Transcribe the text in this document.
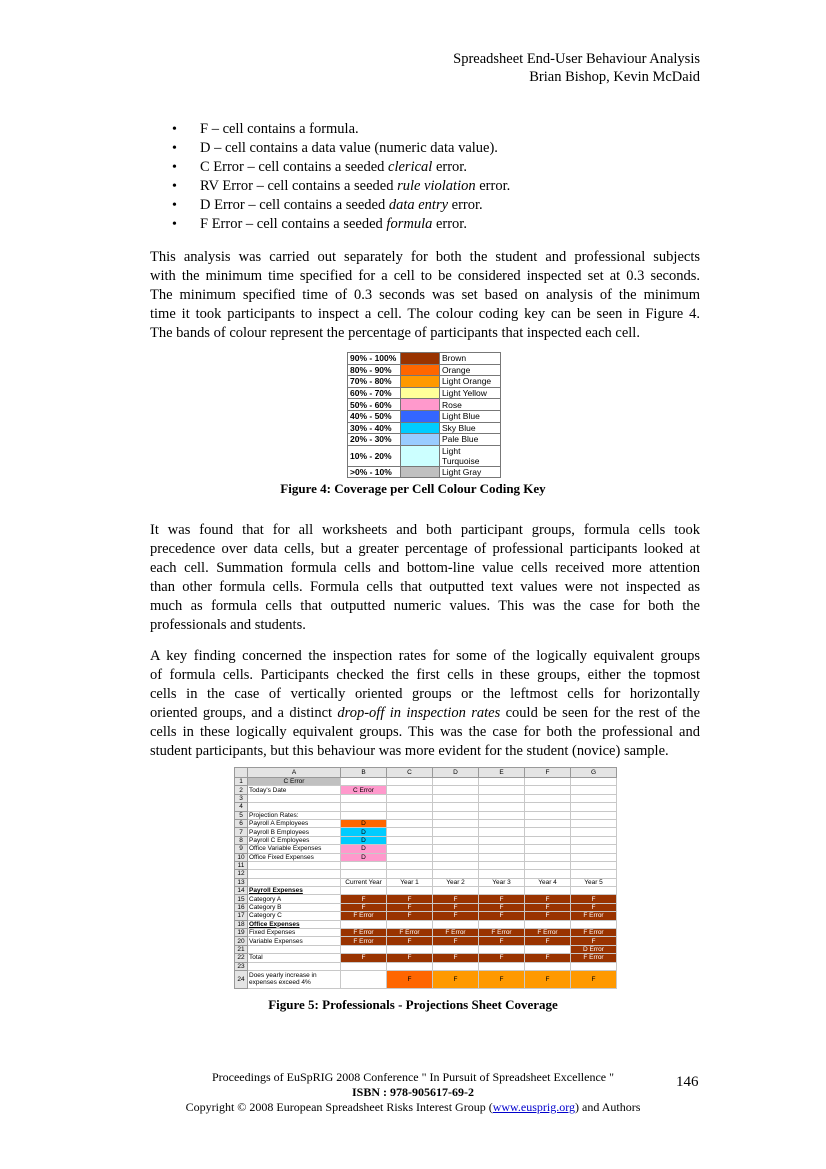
Spreadsheet End-User Behaviour Analysis
Brian Bishop, Kevin McDaid
• F – cell contains a formula.
• D – cell contains a data value (numeric data value).
• C Error – cell contains a seeded clerical error.
• RV Error – cell contains a seeded rule violation error.
• D Error – cell contains a seeded data entry error.
• F Error – cell contains a seeded formula error.
This analysis was carried out separately for both the student and professional subjects
with the minimum time specified for a cell to be considered inspected set at 0.3 seconds.
The minimum specified time of 0.3 seconds was set based on analysis of the minimum
time it took participants to inspect a cell. The colour coding key can be seen in Figure 4.
The bands of colour represent the percentage of participants that inspected each cell.
90% - 100%		Brown
80% - 90%		Orange
70% - 80%		Light Orange
60% - 70%		Light Yellow
50% - 60%		Rose
40% - 50%		Light Blue
30% - 40%		Sky Blue
20% - 30%		Pale Blue
10% - 20%		Light Turquoise
>0% - 10%		Light Gray
Figure 4: Coverage per Cell Colour Coding Key
It was found that for all worksheets and both participant groups, formula cells took
precedence over data cells, but a greater percentage of professional participants looked at
each cell. Summation formula cells and bottom-line value cells received more attention
than other formula cells. Formula cells that outputted text values were not inspected as
much as formula cells that outputted numeric values. This was the case for both the
professionals and students.
A key finding concerned the inspection rates for some of the logically equivalent groups
of formula cells. Participants checked the first cells in these groups, either the topmost
cells in the case of vertically oriented groups or the leftmost cells for horizontally
oriented groups, and a distinct drop-off in inspection rates could be seen for the rest of the
cells in these logically equivalent groups. This was the case for both the professional and
student participants, but this behaviour was more evident for the student (novice) sample.
	A	B	C	D	E	F	G
1	C Error						
2	Today's Date	C Error					
3							
4							
5	Projection Rates:						
6	Payroll A Employees	D					
7	Payroll B Employees	D					
8	Payroll C Employees	D					
9	Office Variable Expenses	D					
10	Office Fixed Expenses	D					
11							
12							
13		Current Year	Year 1	Year 2	Year 3	Year 4	Year 5
14	Payroll Expenses						
15	Category A	F	F	F	F	F	F
16	Category B	F	F	F	F	F	F
17	Category C	F Error	F	F	F	F	F Error
18	Office Expenses						
19	Fixed Expenses	F Error	F Error	F Error	F Error	F Error	F Error
20	Variable Expenses	F Error	F	F	F	F	F
21							D Error
22	Total	F	F	F	F	F	F Error
23							
24	Does yearly increase in expenses exceed 4%		F	F	F	F	F
Figure 5: Professionals - Projections Sheet Coverage
Proceedings of EuSpRIG 2008 Conference " In Pursuit of Spreadsheet Excellence "
ISBN : 978-905617-69-2
Copyright © 2008 European Spreadsheet Risks Interest Group (www.eusprig.org) and Authors
146
